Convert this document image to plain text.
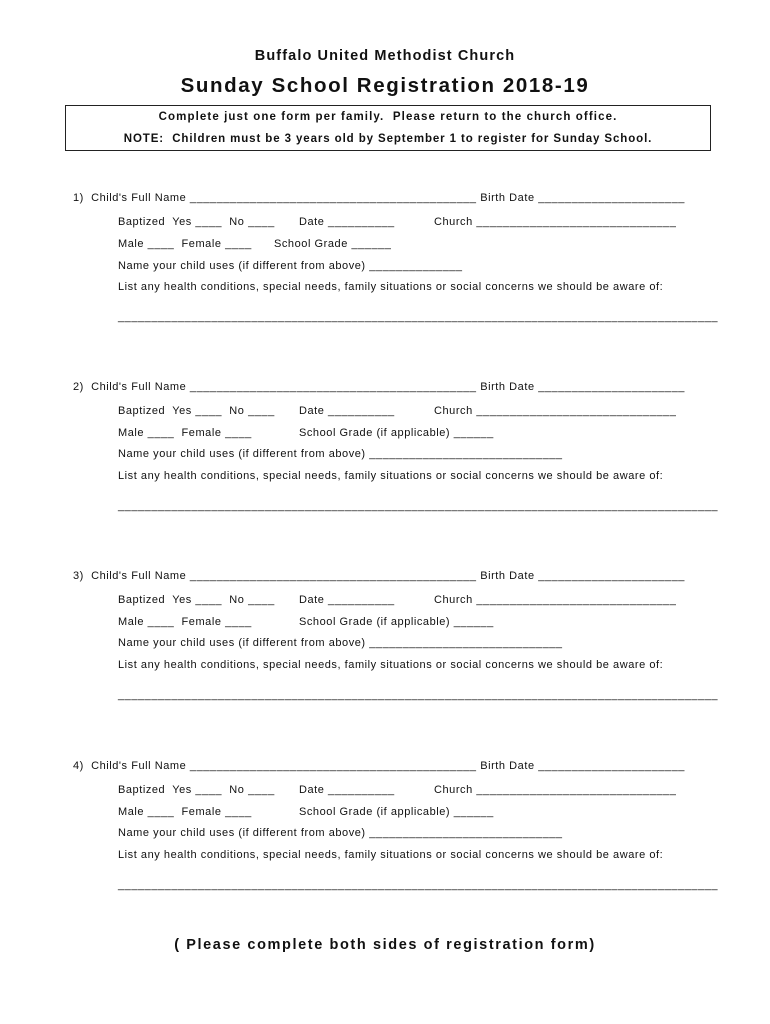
Buffalo United Methodist Church
Sunday School Registration 2018-19
Complete just one form per family.  Please return to the church office.
NOTE:  Children must be 3 years old by September 1 to register for Sunday School.
1)  Child's Full Name ___________________________________________ Birth Date ______________________
Baptized  Yes ____  No ____ Date __________	Church ______________________________
Male ____  Female ____ School Grade ______
Name your child uses (if different from above) ______________
List any health conditions, special needs, family situations or social concerns we should be aware of:
__________________________________________________________________________________________
2)  Child's Full Name ___________________________________________ Birth Date ______________________
Baptized  Yes ____  No ____ Date __________	Church ______________________________
Male ____  Female ____	School Grade (if applicable) ______
Name your child uses (if different from above) _____________________________
List any health conditions, special needs, family situations or social concerns we should be aware of:
__________________________________________________________________________________________
3)  Child's Full Name ___________________________________________ Birth Date ______________________
Baptized  Yes ____  No ____ Date __________	Church ______________________________
Male ____  Female ____	School Grade (if applicable) ______
Name your child uses (if different from above) _____________________________
List any health conditions, special needs, family situations or social concerns we should be aware of:
__________________________________________________________________________________________
4)  Child's Full Name ___________________________________________ Birth Date ______________________
Baptized  Yes ____  No ____ Date __________	Church ______________________________
Male ____  Female ____	School Grade (if applicable) ______
Name your child uses (if different from above) _____________________________
List any health conditions, special needs, family situations or social concerns we should be aware of:
__________________________________________________________________________________________
( Please complete both sides of registration form)
